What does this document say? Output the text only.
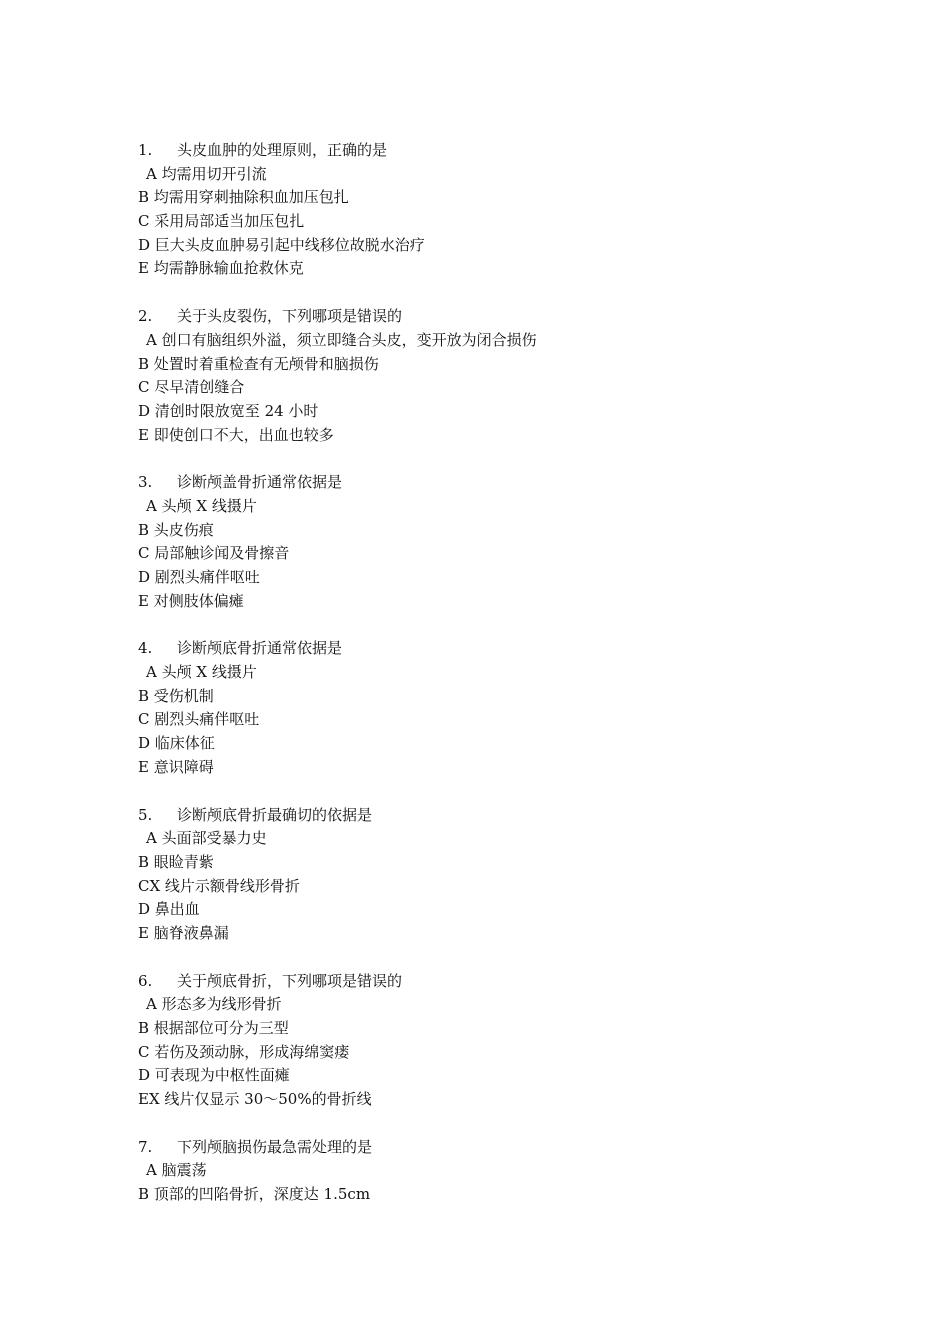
1. 头皮血肿的处理原则，正确的是
A 均需用切开引流
B 均需用穿刺抽除积血加压包扎
C 采用局部适当加压包扎
D 巨大头皮血肿易引起中线移位故脱水治疗
E 均需静脉输血抢救休克
2. 关于头皮裂伤，下列哪项是错误的
A 创口有脑组织外溢，须立即缝合头皮，变开放为闭合损伤
B 处置时着重检查有无颅骨和脑损伤
C 尽早清创缝合
D 清创时限放宽至 24 小时
E 即使创口不大，出血也较多
3. 诊断颅盖骨折通常依据是
A 头颅 X 线摄片
B 头皮伤痕
C 局部触诊闻及骨擦音
D 剧烈头痛伴呕吐
E 对侧肢体偏瘫
4. 诊断颅底骨折通常依据是
A 头颅 X 线摄片
B 受伤机制
C 剧烈头痛伴呕吐
D 临床体征
E 意识障碍
5. 诊断颅底骨折最确切的依据是
A 头面部受暴力史
B 眼睑青紫
CX 线片示额骨线形骨折
D 鼻出血
E 脑脊液鼻漏
6. 关于颅底骨折，下列哪项是错误的
A 形态多为线形骨折
B 根据部位可分为三型
C 若伤及颈动脉，形成海绵窦瘘
D 可表现为中枢性面瘫
EX 线片仅显示 30～50%的骨折线
7. 下列颅脑损伤最急需处理的是
A 脑震荡
B 顶部的凹陷骨折，深度达 1.5cm
